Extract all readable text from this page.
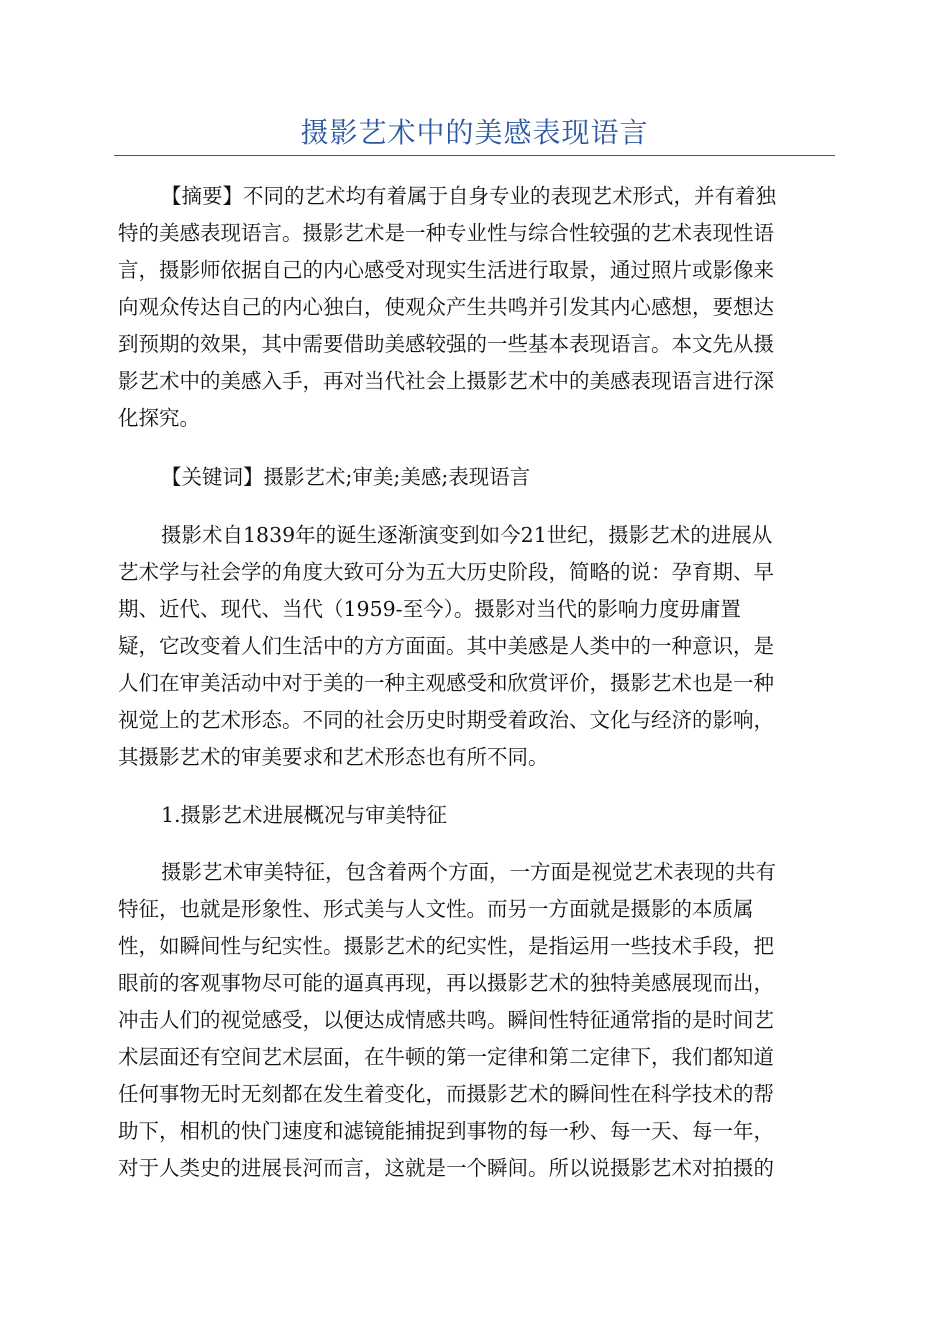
摄影艺术中的美感表现语言
【摘要】不同的艺术均有着属于自身专业的表现艺术形式，并有着独
特的美感表现语言。摄影艺术是一种专业性与综合性较强的艺术表现性语
言，摄影师依据自己的内心感受对现实生活进行取景，通过照片或影像来
向观众传达自己的内心独白，使观众产生共鸣并引发其内心感想，要想达
到预期的效果，其中需要借助美感较强的一些基本表现语言。本文先从摄
影艺术中的美感入手，再对当代社会上摄影艺术中的美感表现语言进行深
化探究。
【关键词】摄影艺术;审美;美感;表现语言
摄影术自1839年的诞生逐渐演变到如今21世纪，摄影艺术的进展从
艺术学与社会学的角度大致可分为五大历史阶段，简略的说：孕育期、早
期、近代、现代、当代（1959-至今）。摄影对当代的影响力度毋庸置
疑，它改变着人们生活中的方方面面。其中美感是人类中的一种意识，是
人们在审美活动中对于美的一种主观感受和欣赏评价，摄影艺术也是一种
视觉上的艺术形态。不同的社会历史时期受着政治、文化与经济的影响，
其摄影艺术的审美要求和艺术形态也有所不同。
1.摄影艺术进展概况与审美特征
摄影艺术审美特征，包含着两个方面，一方面是视觉艺术表现的共有
特征，也就是形象性、形式美与人文性。而另一方面就是摄影的本质属
性，如瞬间性与纪实性。摄影艺术的纪实性，是指运用一些技术手段，把
眼前的客观事物尽可能的逼真再现，再以摄影艺术的独特美感展现而出，
冲击人们的视觉感受，以便达成情感共鸣。瞬间性特征通常指的是时间艺
术层面还有空间艺术层面，在牛顿的第一定律和第二定律下，我们都知道
任何事物无时无刻都在发生着变化，而摄影艺术的瞬间性在科学技术的帮
助下，相机的快门速度和滤镜能捕捉到事物的每一秒、每一天、每一年，
对于人类史的进展長河而言，这就是一个瞬间。所以说摄影艺术对拍摄的
